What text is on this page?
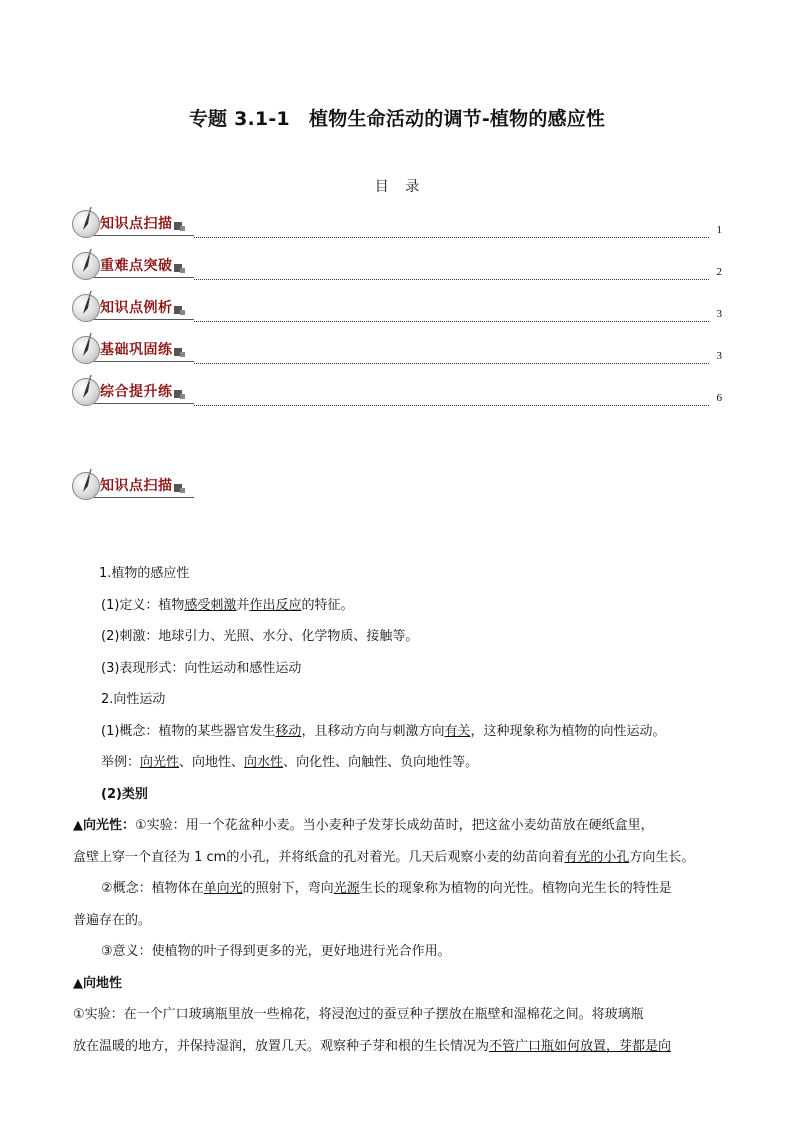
专题 3.1-1　植物生命活动的调节-植物的感应性
目 录
知识点扫描	1
重难点突破	2
知识点例析	3
基础巩固练	3
综合提升练	6
知识点扫描
1.植物的感应性
(1)定义：植物感受刺激并作出反应的特征。
(2)刺激：地球引力、光照、水分、化学物质、接触等。
(3)表现形式：向性运动和感性运动
2.向性运动
(1)概念：植物的某些器官发生移动，且移动方向与刺激方向有关，这种现象称为植物的向性运动。
举例：向光性、向地性、向水性、向化性、向触性、负向地性等。
(2)类别
▲向光性：①实验：用一个花盆种小麦。当小麦种子发芽长成幼苗时，把这盆小麦幼苗放在硬纸盒里，
盒壁上穿一个直径为 1 cm的小孔，并将纸盒的孔对着光。几天后观察小麦的幼苗向着有光的小孔方向生长。
②概念：植物体在单向光的照射下，弯向光源生长的现象称为植物的向光性。植物向光生长的特性是
普遍存在的。
③意义：使植物的叶子得到更多的光，更好地进行光合作用。
▲向地性
①实验：在一个广口玻璃瓶里放一些棉花，将浸泡过的蚕豆种子摆放在瓶壁和湿棉花之间。将玻璃瓶
放在温暖的地方，并保持湿润，放置几天。观察种子芽和根的生长情况为不管广口瓶如何放置，芽都是向
